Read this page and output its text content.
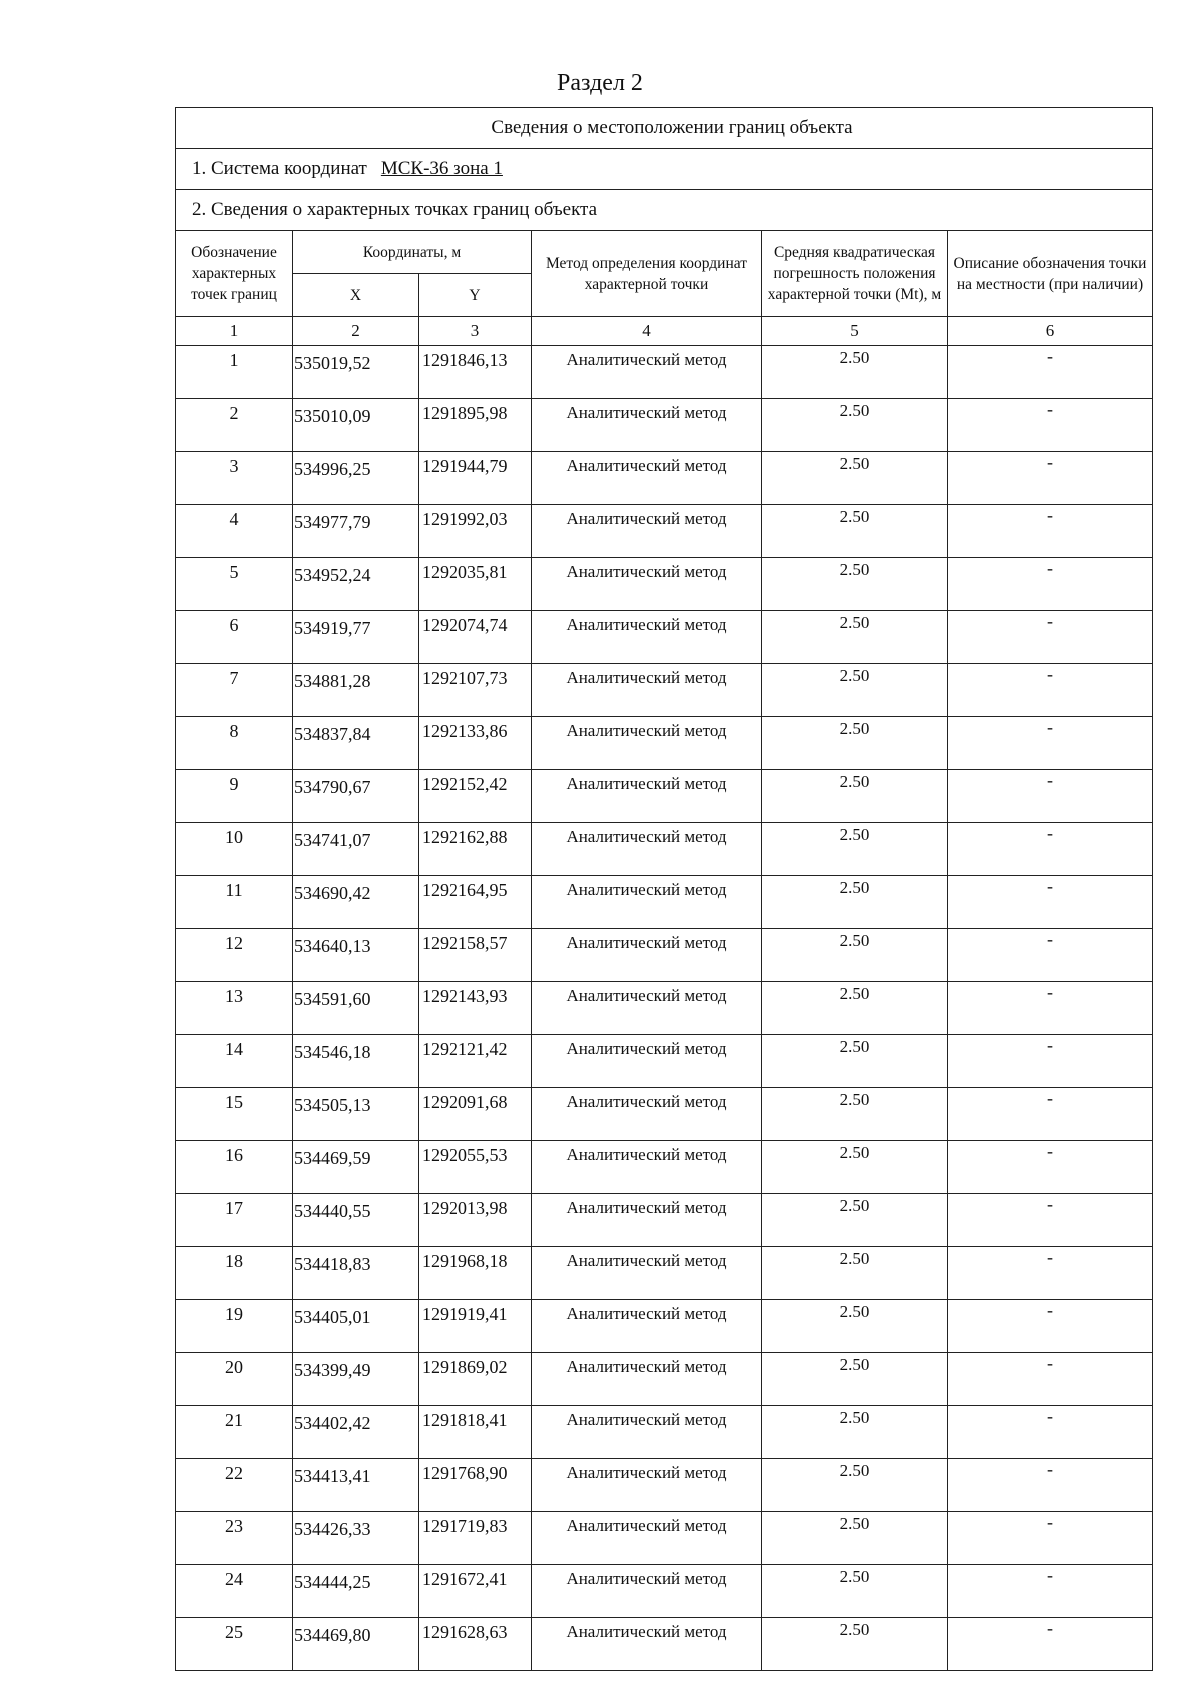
Раздел 2
Сведения о местоположении границ объекта					
1. Система координат МСК-36 зона 1					
2. Сведения о характерных точках границ объекта					
Обозначение характерных точек границ	Координаты, м		Метод определения координат характерной точки	Средняя квадратическая погрешность положения характерной точки (Mt), м	Описание обозначения точки на местности (при наличии)
	X	Y			
1	2	3	4	5	6
1	535019,52	1291846,13	Аналитический метод	2.50	-
2	535010,09	1291895,98	Аналитический метод	2.50	-
3	534996,25	1291944,79	Аналитический метод	2.50	-
4	534977,79	1291992,03	Аналитический метод	2.50	-
5	534952,24	1292035,81	Аналитический метод	2.50	-
6	534919,77	1292074,74	Аналитический метод	2.50	-
7	534881,28	1292107,73	Аналитический метод	2.50	-
8	534837,84	1292133,86	Аналитический метод	2.50	-
9	534790,67	1292152,42	Аналитический метод	2.50	-
10	534741,07	1292162,88	Аналитический метод	2.50	-
11	534690,42	1292164,95	Аналитический метод	2.50	-
12	534640,13	1292158,57	Аналитический метод	2.50	-
13	534591,60	1292143,93	Аналитический метод	2.50	-
14	534546,18	1292121,42	Аналитический метод	2.50	-
15	534505,13	1292091,68	Аналитический метод	2.50	-
16	534469,59	1292055,53	Аналитический метод	2.50	-
17	534440,55	1292013,98	Аналитический метод	2.50	-
18	534418,83	1291968,18	Аналитический метод	2.50	-
19	534405,01	1291919,41	Аналитический метод	2.50	-
20	534399,49	1291869,02	Аналитический метод	2.50	-
21	534402,42	1291818,41	Аналитический метод	2.50	-
22	534413,41	1291768,90	Аналитический метод	2.50	-
23	534426,33	1291719,83	Аналитический метод	2.50	-
24	534444,25	1291672,41	Аналитический метод	2.50	-
25	534469,80	1291628,63	Аналитический метод	2.50	-
